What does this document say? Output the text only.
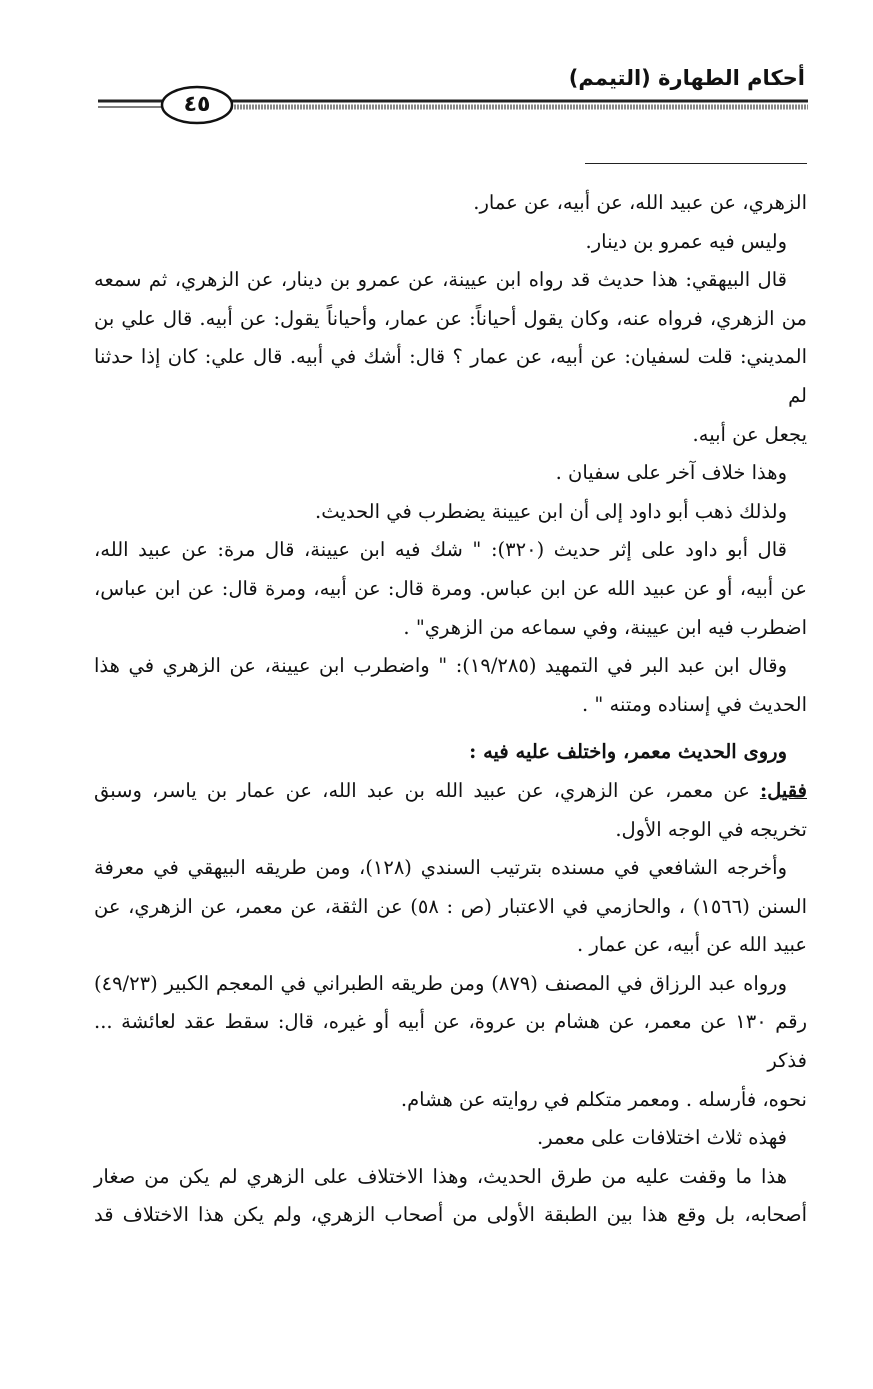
أحكام الطهارة (التيمم)
٤٥
الزهري، عن عبيد الله، عن أبيه، عن عمار.
وليس فيه عمرو بن دينار.
قال البيهقي: هذا حديث قد رواه ابن عيينة، عن عمرو بن دينار، عن الزهري، ثم سمعه
من الزهري، فرواه عنه، وكان يقول أحياناً: عن عمار، وأحياناً يقول: عن أبيه. قال علي بن
المديني: قلت لسفيان: عن أبيه، عن عمار ؟ قال: أشك في أبيه. قال علي: كان إذا حدثنا لم
يجعل عن أبيه.
وهذا خلاف آخر على سفيان .
ولذلك ذهب أبو داود إلى أن ابن عيينة يضطرب في الحديث.
قال أبو داود على إثر حديث (٣٢٠): " شك فيه ابن عيينة، قال مرة: عن عبيد الله،
عن أبيه، أو عن عبيد الله عن ابن عباس. ومرة قال: عن أبيه، ومرة قال: عن ابن عباس،
اضطرب فيه ابن عيينة، وفي سماعه من الزهري" .
وقال ابن عبد البر في التمهيد (١٩/٢٨٥): " واضطرب ابن عيينة، عن الزهري في هذا
الحديث في إسناده ومتنه " .
وروى الحديث معمر، واختلف عليه فيه :
فقيل: عن معمر، عن الزهري، عن عبيد الله بن عبد الله، عن عمار بن ياسر، وسبق
تخريجه في الوجه الأول.
وأخرجه الشافعي في مسنده بترتيب السندي (١٢٨)، ومن طريقه البيهقي في معرفة
السنن (١٥٦٦) ، والحازمي في الاعتبار (ص : ٥٨) عن الثقة، عن معمر، عن الزهري، عن
عبيد الله عن أبيه، عن عمار .
ورواه عبد الرزاق في المصنف (٨٧٩) ومن طريقه الطبراني في المعجم الكبير (٤٩/٢٣)
رقم ١٣٠ عن معمر، عن هشام بن عروة، عن أبيه أو غيره، قال: سقط عقد لعائشة ... فذكر
نحوه، فأرسله . ومعمر متكلم في روايته عن هشام.
فهذه ثلاث اختلافات على معمر.
هذا ما وقفت عليه من طرق الحديث، وهذا الاختلاف على الزهري لم يكن من صغار
أصحابه، بل وقع هذا بين الطبقة الأولى من أصحاب الزهري، ولم يكن هذا الاختلاف قد
